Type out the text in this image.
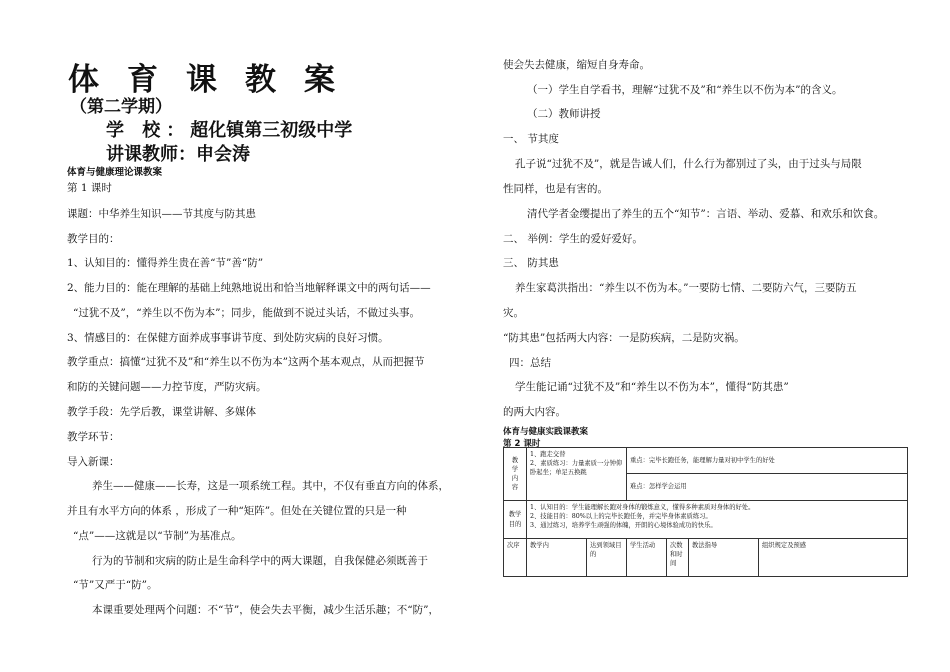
体 育 课 教 案
（第二学期）
学 校：超化镇第三初级中学
讲课教师：申会涛
体育与健康理论课教案
第 1 课时
课题：中华养生知识——节其度与防其患
教学目的：
1、认知目的：懂得养生贵在善“节”善“防”
2、能力目的：能在理解的基础上纯熟地说出和恰当地解释课文中的两句话——
“过犹不及”，“养生以不伤为本”；同步，能做到不说过头话，不做过头事。
3、情感目的：在保健方面养成事事讲节度、到处防灾病的良好习惯。
教学重点：搞懂“过犹不及”和“养生以不伤为本”这两个基本观点，从而把握节
和防的关键问题——力控节度，严防灾病。
教学手段：先学后教，课堂讲解、多媒体
教学环节：
导入新课：
养生——健康——长寿，这是一项系统工程。其中，不仅有垂直方向的体系，
并且有水平方向的体系 ，形成了一种“矩阵”。但处在关键位置的只是一种
“点”——这就是以“节制”为基准点。
行为的节制和灾病的防止是生命科学中的两大课题，自我保健必须既善于
“节”又严于“防”。
本课重要处理两个问题：不“节”，使会失去平衡，减少生活乐趣；不“防”，
使会失去健康，缩短自身寿命。
（一）学生自学看书，理解“过犹不及”和“养生以不伤为本”的含义。
（二）教师讲授
一、 节其度
孔子说“过犹不及”，就是告诫人们，什么行为都别过了头，由于过头与局限
性同样，也是有害的。
清代学者金缨提出了养生的五个“知节”：言语、举动、爱慕、和欢乐和饮食。
二、 举例：学生的爱好爱好。
三、 防其患
养生家葛洪指出：“养生以不伤为本。”一要防七情、二要防六气，三要防五
灾。
“防其患”包括两大内容：一是防疾病，二是防灾祸。
四：总结
学生能记诵“过犹不及”和“养生以不伤为本”，懂得“防其患”
的两大内容。
体育与健康实践课教案
第 2 课时
教学内容	1、跑走交替
2、素质练习：力量素质一分钟仰卧起坐；单足五换跳		重点：完毕长跑任务，能理解力量对初中学生的好处			
			难点：怎样学会运用			
教学目的	1、认知目的：学生能理解长跑对身体的锻炼意义，懂得多种素质对身体的好处。
2、技能目的：80%以上的完毕长跑任务，并完毕身体素质练习。
3、通过练习，培养学生顽强的体魄，开朗的心境体验成功的快乐。					

次序	教学内	达到领域目的	学生活动	次数和时间	教法指导	组织规定及预感
